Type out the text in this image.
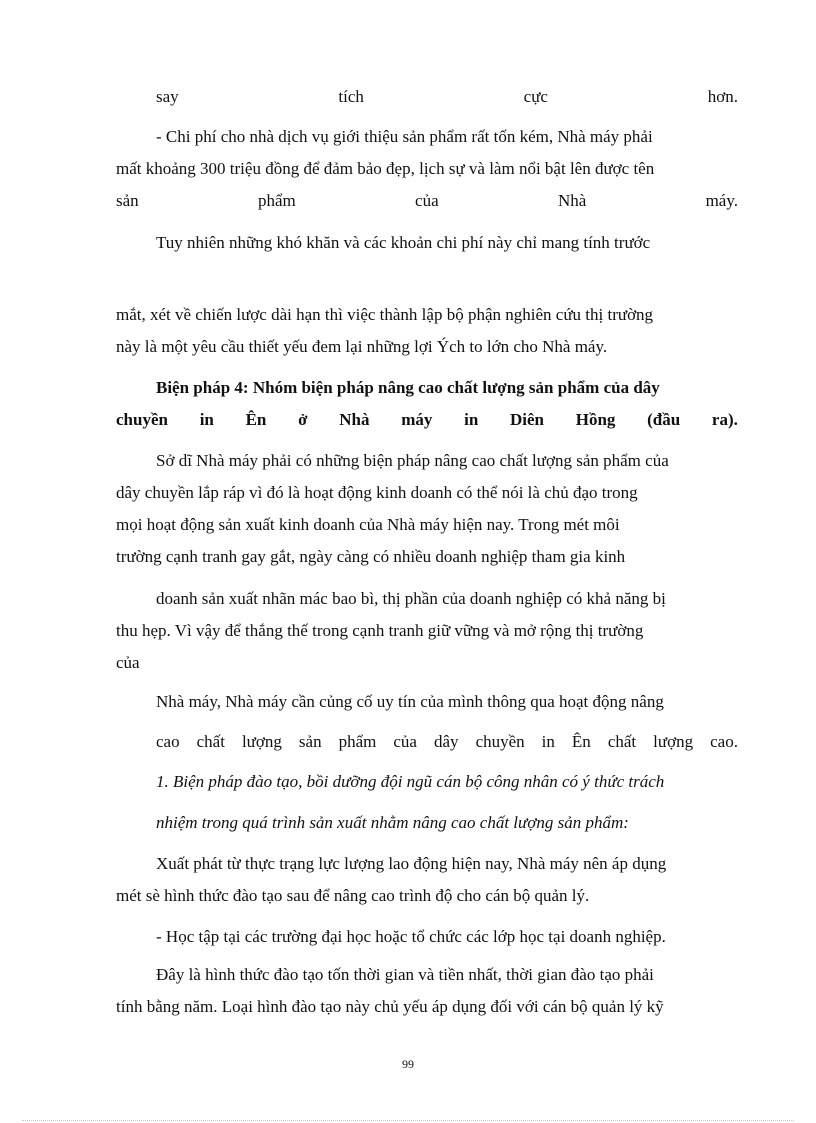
say	tích	cực	hơn.

- Chi phí cho nhà dịch vụ giới thiệu sản phẩm rất tốn kém, Nhà máy phải

mất khoảng 300 triệu đồng để đảm bảo đẹp, lịch sự và làm nổi bật lên được tên

sản	phẩm	của	Nhà	máy.

Tuy nhiên những khó khăn và các khoản chi phí này chỉ mang tính trước

mắt, xét về chiến lược dài hạn thì việc thành lập bộ phận nghiên cứu thị trường

này là một yêu cầu thiết yếu đem lại những lợi Ých to lớn cho Nhà máy.

Biện pháp 4: Nhóm biện pháp nâng cao chất lượng sản phẩm của dây

chuyền in Ên ở Nhà máy in Diên Hồng (đầu ra).

Sở dĩ Nhà máy phải có những biện pháp nâng cao chất lượng sản phẩm của

dây chuyền lắp ráp vì đó là hoạt động kinh doanh có thể nói là chủ đạo trong

mọi hoạt động sản xuất kinh doanh của Nhà máy hiện nay. Trong mét môi

trường cạnh tranh gay gắt, ngày càng có nhiều doanh nghiệp tham gia kinh

doanh sản xuất nhãn mác bao bì, thị phần của doanh nghiệp có khả năng bị

thu hẹp. Vì vậy để thắng thế trong cạnh tranh giữ vững và mở rộng thị trường

của

Nhà máy, Nhà máy cần củng cố uy tín của mình thông qua hoạt động nâng

cao chất lượng sản phẩm của dây chuyền in Ên chất lượng cao.

1. Biện pháp đào tạo, bồi dưỡng đội ngũ cán bộ công nhân có ý thức trách

nhiệm trong quá trình sản xuất nhằm nâng cao chất lượng sản phẩm:

Xuất phát từ thực trạng lực lượng lao động hiện nay, Nhà máy nên áp dụng

mét sè hình thức đào tạo sau để nâng cao trình độ cho cán bộ quản lý.

- Học tập tại các trường đại học hoặc tổ chức các lớp học tại doanh nghiệp.

Đây là hình thức đào tạo tốn thời gian và tiền nhất, thời gian đào tạo phải

tính bằng năm. Loại hình đào tạo này chủ yếu áp dụng đối với cán bộ quản lý kỹ

99
